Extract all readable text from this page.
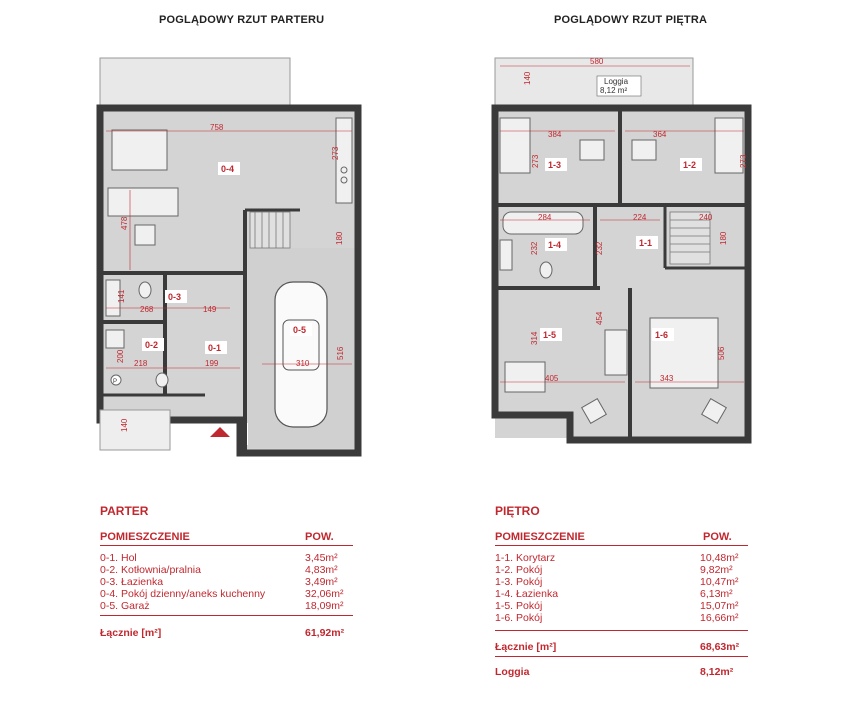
POGLĄDOWY RZUT PARTERU	POGLĄDOWY RZUT PIĘTRA
P
758
273
478
180
141
268	149
200
218	199	310
516
140
0-4
0-3
0-2	0-1
0-5
Loggia
8,12 m²
580
140
384	364
273	273
284	224	240
232	232
180
314
454
405	343
506
1-1
1-2
1-3
1-4
1-5	1-6
PARTER
POMIESZCZENIE	POW.
0-1. Hol	3,45m²
0-2. Kotłownia/pralnia	4,83m²
0-3. Łazienka	3,49m²
0-4. Pokój dzienny/aneks kuchenny	32,06m²
0-5. Garaż	18,09m²
Łącznie [m²]	61,92m²
PIĘTRO
POMIESZCZENIE	POW.
1-1. Korytarz	10,48m²
1-2. Pokój	9,82m²
1-3. Pokój	10,47m²
1-4. Łazienka	6,13m²
1-5. Pokój	15,07m²
1-6. Pokój	16,66m²
Łącznie [m²]	68,63m²
Loggia	8,12m²
